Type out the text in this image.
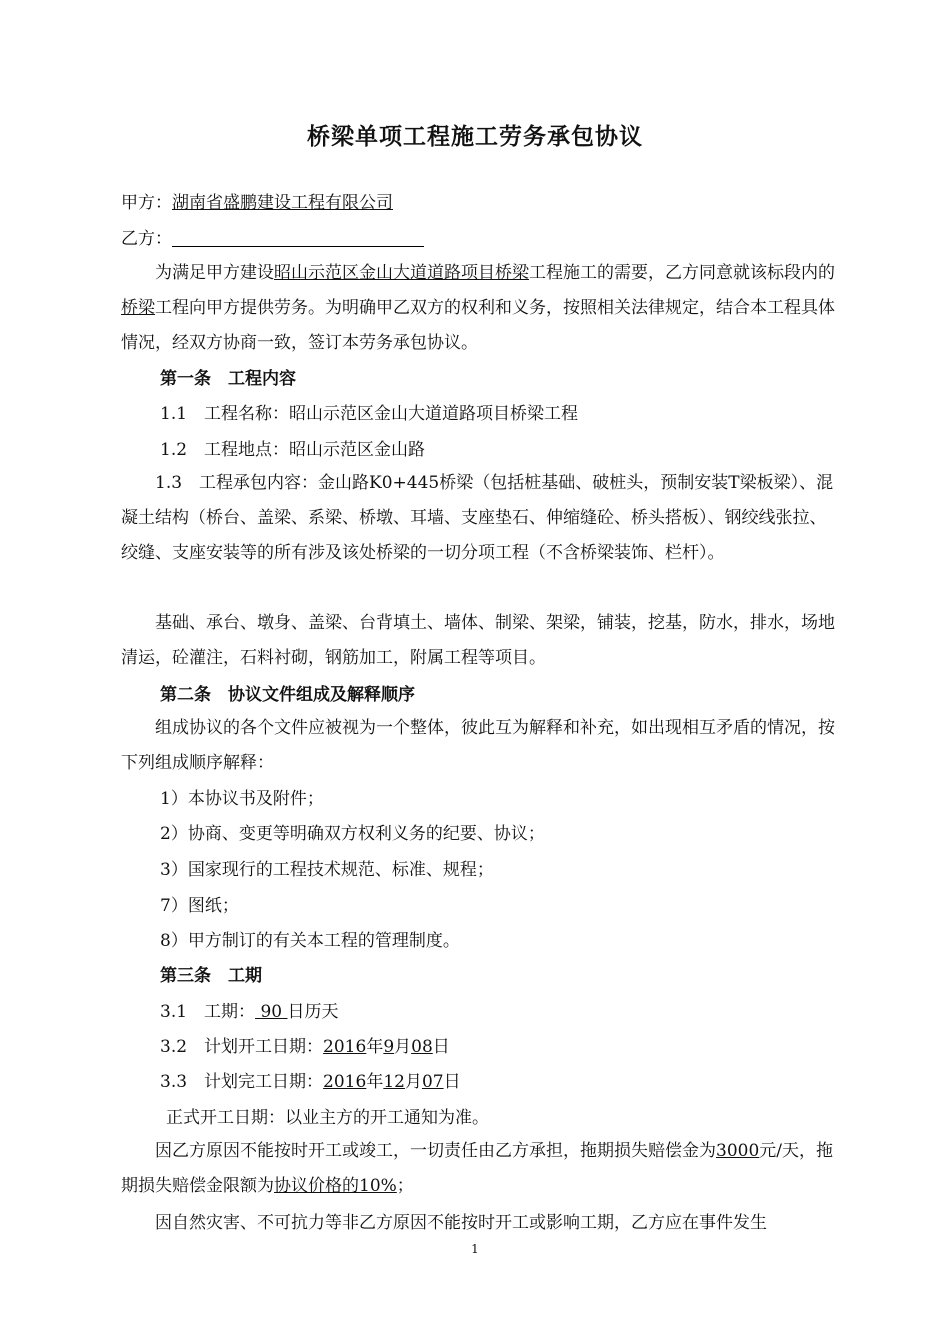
桥梁单项工程施工劳务承包协议
甲方：湖南省盛鹏建设工程有限公司
乙方：
为满足甲方建设昭山示范区金山大道道路项目桥梁工程施工的需要，乙方同意就该标段内的桥梁工程向甲方提供劳务。为明确甲乙双方的权利和义务，按照相关法律规定，结合本工程具体情况，经双方协商一致，签订本劳务承包协议。
第一条　工程内容
1.1　工程名称：昭山示范区金山大道道路项目桥梁工程
1.2　工程地点：昭山示范区金山路
1.3　工程承包内容：金山路K0+445桥梁（包括桩基础、破桩头，预制安装T梁板梁）、混凝土结构（桥台、盖梁、系梁、桥墩、耳墙、支座垫石、伸缩缝砼、桥头搭板）、钢绞线张拉、绞缝、支座安装等的所有涉及该处桥梁的一切分项工程（不含桥梁装饰、栏杆）。
基础、承台、墩身、盖梁、台背填土、墙体、制梁、架梁，铺装，挖基，防水，排水，场地清运，砼灌注，石料衬砌，钢筋加工，附属工程等项目。
第二条　协议文件组成及解释顺序
组成协议的各个文件应被视为一个整体，彼此互为解释和补充，如出现相互矛盾的情况，按下列组成顺序解释：
1）本协议书及附件；
2）协商、变更等明确双方权利义务的纪要、协议；
3）国家现行的工程技术规范、标准、规程；
7）图纸；
8）甲方制订的有关本工程的管理制度。
第三条　工期
3.1　工期： 90 日历天
3.2　计划开工日期：2016年9月08日
3.3　计划完工日期：2016年12月07日
正式开工日期：以业主方的开工通知为准。
因乙方原因不能按时开工或竣工，一切责任由乙方承担，拖期损失赔偿金为3000元/天，拖期损失赔偿金限额为协议价格的10%；
因自然灾害、不可抗力等非乙方原因不能按时开工或影响工期，乙方应在事件发生
1
